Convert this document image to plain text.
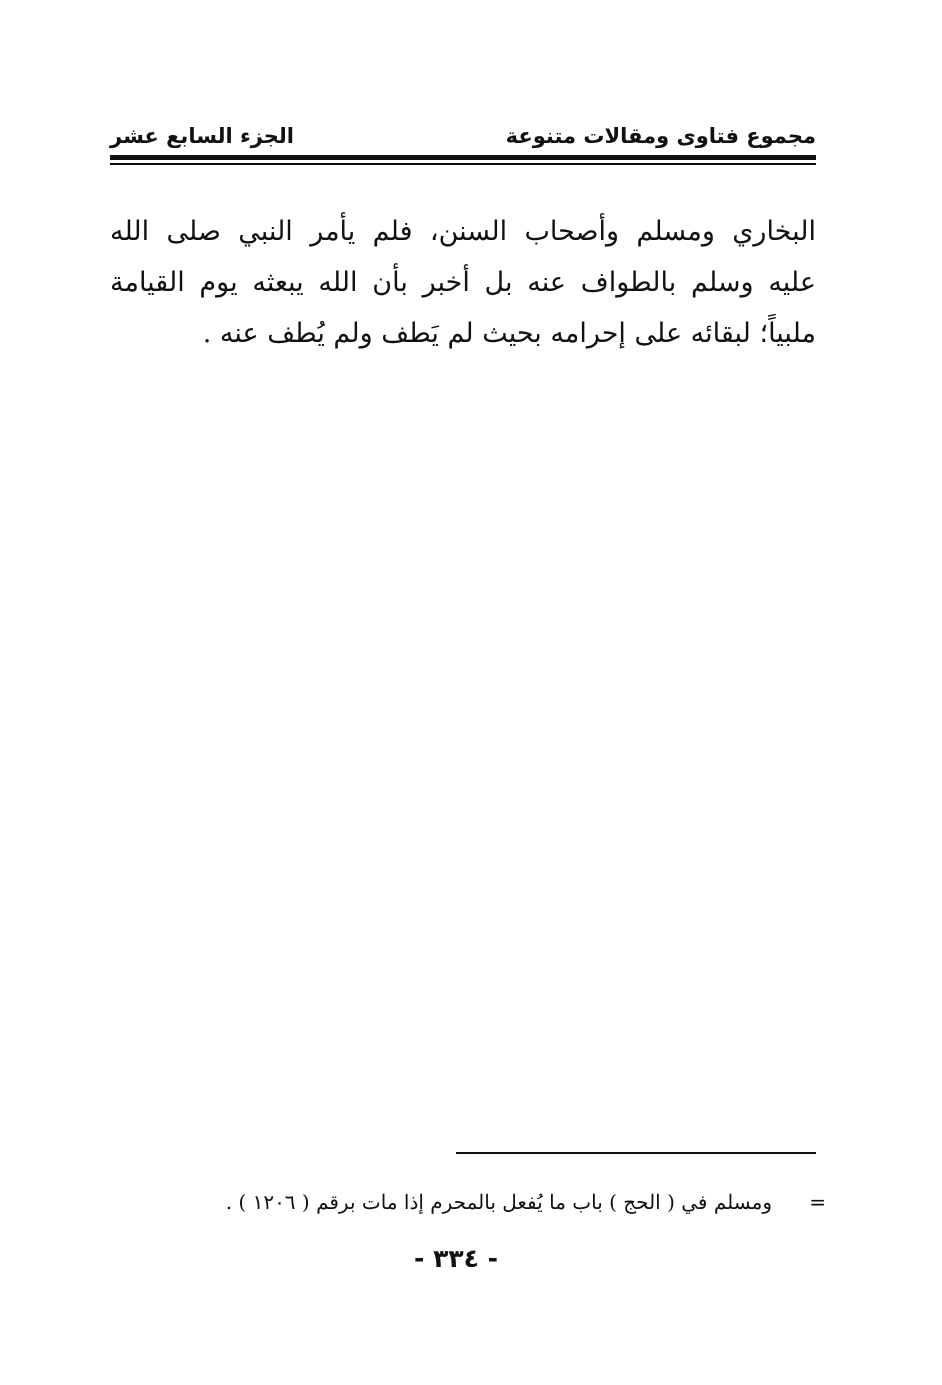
مجموع فتاوى ومقالات متنوعة
الجزء السابع عشر
البخاري ومسلم وأصحاب السنن، فلم يأمر النبي صلى الله
عليه وسلم بالطواف عنه بل أخبر بأن الله يبعثه يوم القيامة
ملبياً؛ لبقائه على إحرامه بحيث لم يَطف ولم يُطف عنه .
=
ومسلم في ( الحج ) باب ما يُفعل بالمحرم إذا مات برقم ( ١٢٠٦ ) .
- ٣٣٤ -
